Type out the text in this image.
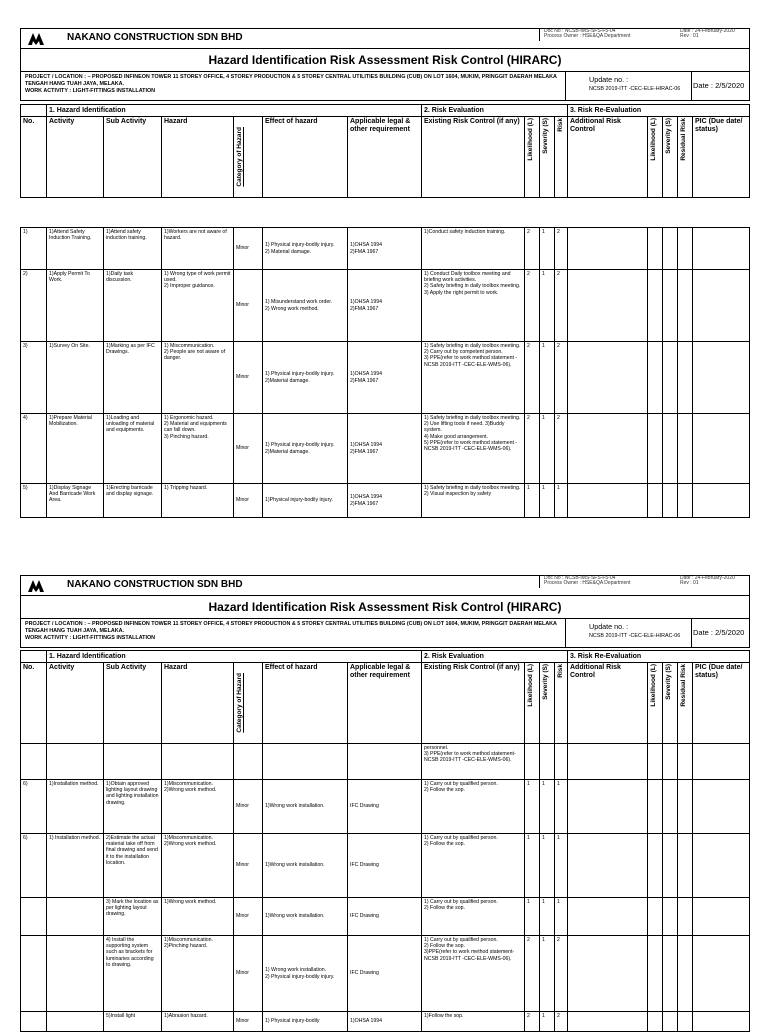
NAKANO CONSTRUCTION SDN BHD
Doc No : NCSB-IMS-SFS-F5-04
Process Owner : HSE&QA Department
Date : 24-February-2020
Rev : 01
Hazard Identification Risk Assessment Risk Control (HIRARC)
PROJECT / LOCATION : – PROPOSED INFINEON TOWER 11 STOREY OFFICE, 4 STOREY PRODUCTION & 5 STOREY CENTRAL UTILITIES BUILDING (CUB) ON LOT 1604, MUKIM, PRINGGIT DAERAH MELAKA TENGAH HANG TUAH JAYA, MELAKA.
WORK ACTIVITY : LIGHT-FITTINGS INSTALLATION
Update no. :
NCSB 2019-ITT -CEC-ELE-HIRAC-06 Date : 2/5/2020
	1. Hazard Identification						2. Risk Evaluation				3. Risk Re-Evaluation				
No.	Activity	Sub Activity	Hazard	Category of Hazard	Effect of hazard	Applicable legal & other requirement	Existing Risk Control (if any)	Likelihood (L)	Severity (S)	Risk	Additional Risk Control	Likelihood (L)	Severity (S)	Residual Risk	PIC (Due date/ status)

1)	1)Attend Safety Induction Training.	1)Attend safety induction training.	1)Workers are not aware of hazard.	Minor	1) Physical injury-bodily injury.
2) Material damage.	1)OHSA 1994
2)FMA 1967	1)Conduct safety induction training.	2	1	2					
2)	1)Apply Permit To Work.	1)Daily task discussion.	1) Wrong type of work permit used.
2) Improper guidance.	Minor	1) Misunderstand work order.
2) Wrong work method.	1)OHSA 1994
2)FMA 1967	1) Conduct Daily toolbox meeting and briefing work activities.
2) Safety briefing in daily toolbox meeting.
3) Apply the right permit to work.	2	1	2					
3)	1)Survey On Site.	1)Marking as per IFC Drawings.	1) Miscommunication.
2) People are not aware of danger.	Minor	1) Physical injury-bodily injury.
2)Material damage.	1)OHSA 1994
2)FMA 1967	1) Safety briefing in daily toolbox meeting.
2) Carry out by competent person.
3) PPE(refer to work method statement - NCSB 2019-ITT -CEC-ELE-WMS-06).	2	1	2					
4)	1)Prepare Material Mobilization.	1)Loading and unloading of material and equipments.	1) Ergonomic hazard.
2) Material and equipments can fall down.
3) Pinching hazard.	Minor	1) Physical injury-bodily injury.
2)Material damage.	1)OHSA 1994
2)FMA 1967	1) Safety briefing in daily toolbox meeting.
2) Use lifting tools if need. 3)Buddy system.
4) Make good arrangement.
5) PPE(refer to work method statement - NCSB 2019-ITT -CEC-ELE-WMS-06).	2	1	2					
5)	1)Display Signage And Barricade Work Area.	1)Erecting barricade and display signage.	1) Tripping hazard.	Minor	1)Physical injury-bodily injury.	1)OHSA 1994
2)FMA 1967	1) Safety briefing in daily toolbox meeting.
2) Visual inspection by safety	1	1	1					
NAKANO CONSTRUCTION SDN BHD
Doc No : NCSB-IMS-SFS-F5-04
Process Owner : HSE&QA Department
Date : 24-February-2020
Rev : 01
Hazard Identification Risk Assessment Risk Control (HIRARC)
PROJECT / LOCATION : – PROPOSED INFINEON TOWER 11 STOREY OFFICE, 4 STOREY PRODUCTION & 5 STOREY CENTRAL UTILITIES BUILDING (CUB) ON LOT 1604, MUKIM, PRINGGIT DAERAH MELAKA TENGAH HANG TUAH JAYA, MELAKA.
WORK ACTIVITY : LIGHT-FITTINGS INSTALLATION
Update no. :
NCSB 2019-ITT -CEC-ELE-HIRAC-06 Date : 2/5/2020
	1. Hazard Identification						2. Risk Evaluation				3. Risk Re-Evaluation				
No.	Activity	Sub Activity	Hazard	Category of Hazard	Effect of hazard	Applicable legal & other requirement	Existing Risk Control (if any)	Likelihood (L)	Severity (S)	Risk	Additional Risk Control	Likelihood (L)	Severity (S)	Residual Risk	PIC (Due date/ status)
							personnel.
3) PPE(refer to work method statement- NCSB 2019-ITT -CEC-ELE-WMS-06).								
6)	1)Installation method.	1)Obtain approved lighting layout drawing and lighting installation drawing.	1)Miscommunication.
2)Wrong work method.	Minor	1)Wrong work installation.	IFC Drawing	1) Carry out by qualified person.
2) Follow the sop.	1	1	1					
6)	1) Installation method.	2)Estimate the actual material take off from final drawing and send it to the installation location.	1)Miscommunication.
2)Wrong work method.	Minor	1)Wrong work installation.	IFC Drawing	1) Carry out by qualified person.
2) Follow the sop.	1	1	1					
		3) Mark the location as per lighting layout drawing.	1)Wrong work method.	Minor	1)Wrong work installation.	IFC Drawing	1) Carry out by qualified person.
2) Follow the sop.	1	1	1					
		4) Install the supporting system such as brackets for luminaries according to drawing.	1)Miscommunication.
2)Pinching hazard.	Minor	1) Wrong work installation.
2) Physical injury-bodily injury.	IFC Drawing	1) Carry out by qualified person.
2) Follow the sop.
3)PPE(refer to work method statement- NCSB 2019-ITT -CEC-ELE-WMS-06).	2	1	2					
		5)Install light	1)Abrasion hazard.	Minor	1) Physical injury-bodily	1)OHSA 1994	1)Follow the sop.	2	1	2					
